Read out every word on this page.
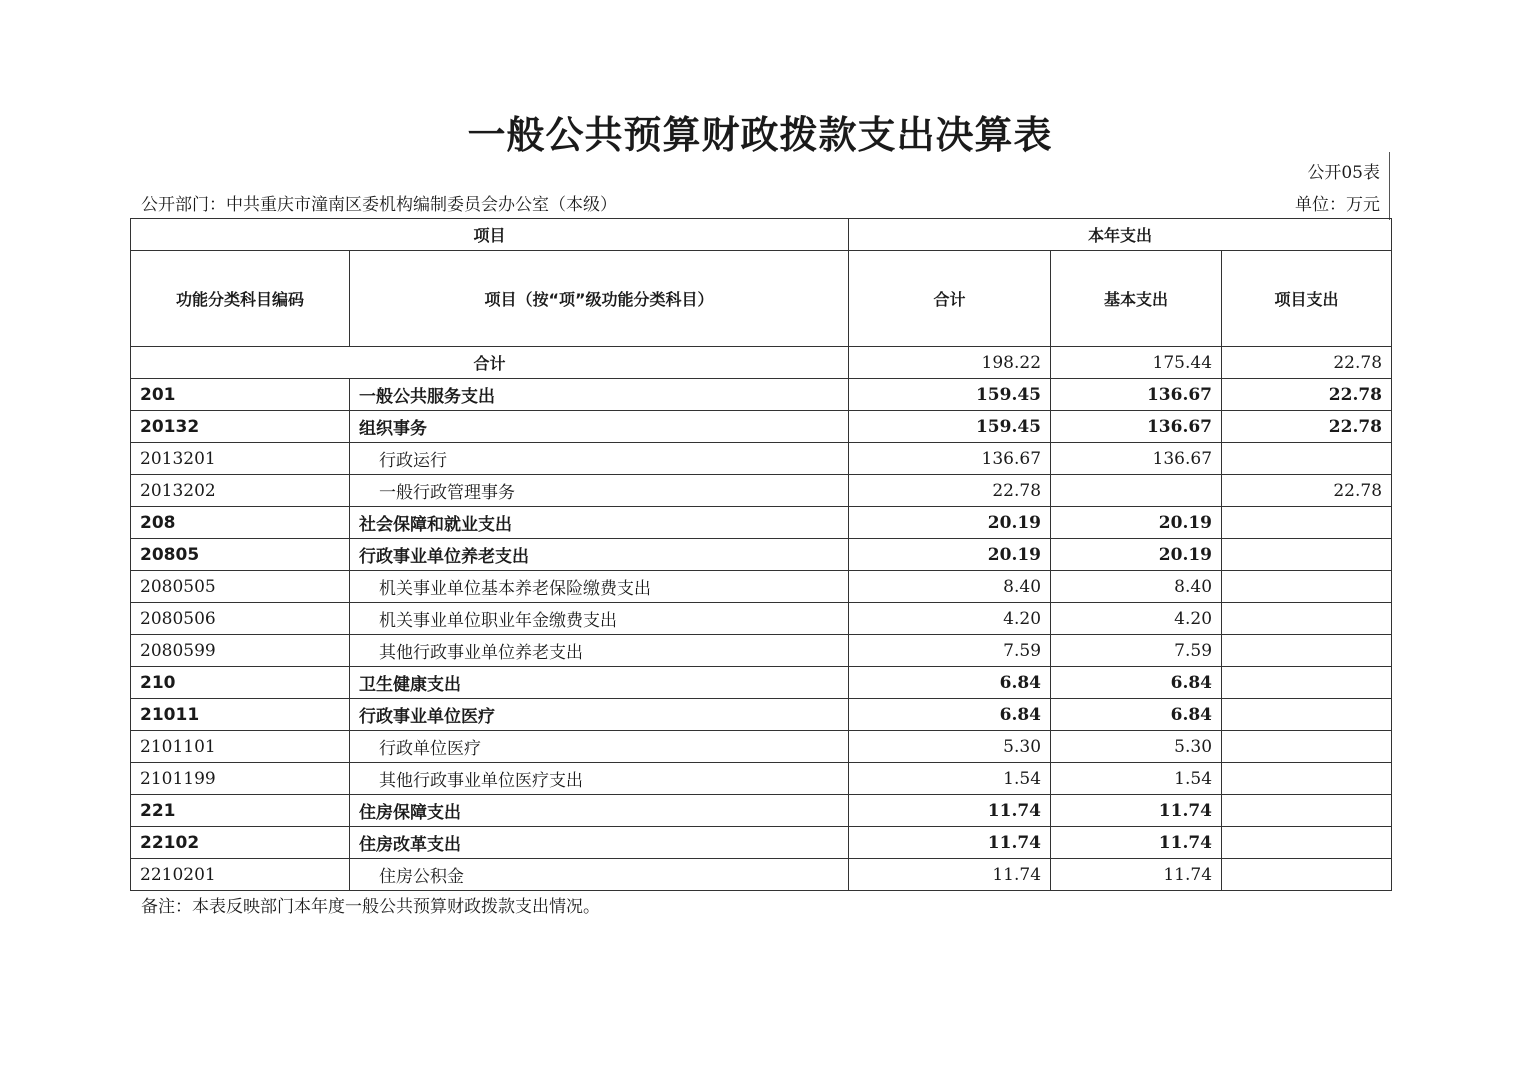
一般公共预算财政拨款支出决算表
公开05表
公开部门：中共重庆市潼南区委机构编制委员会办公室（本级）	单位：万元
项目		本年支出		
功能分类科目编码	项目（按“项”级功能分类科目）	合计	基本支出	项目支出
合计		198.22	175.44	22.78
201	一般公共服务支出	159.45	136.67	22.78
20132	组织事务	159.45	136.67	22.78
2013201	行政运行	136.67	136.67	
2013202	一般行政管理事务	22.78		22.78
208	社会保障和就业支出	20.19	20.19	
20805	行政事业单位养老支出	20.19	20.19	
2080505	机关事业单位基本养老保险缴费支出	8.40	8.40	
2080506	机关事业单位职业年金缴费支出	4.20	4.20	
2080599	其他行政事业单位养老支出	7.59	7.59	
210	卫生健康支出	6.84	6.84	
21011	行政事业单位医疗	6.84	6.84	
2101101	行政单位医疗	5.30	5.30	
2101199	其他行政事业单位医疗支出	1.54	1.54	
221	住房保障支出	11.74	11.74	
22102	住房改革支出	11.74	11.74	
2210201	住房公积金	11.74	11.74	
备注：本表反映部门本年度一般公共预算财政拨款支出情况。
